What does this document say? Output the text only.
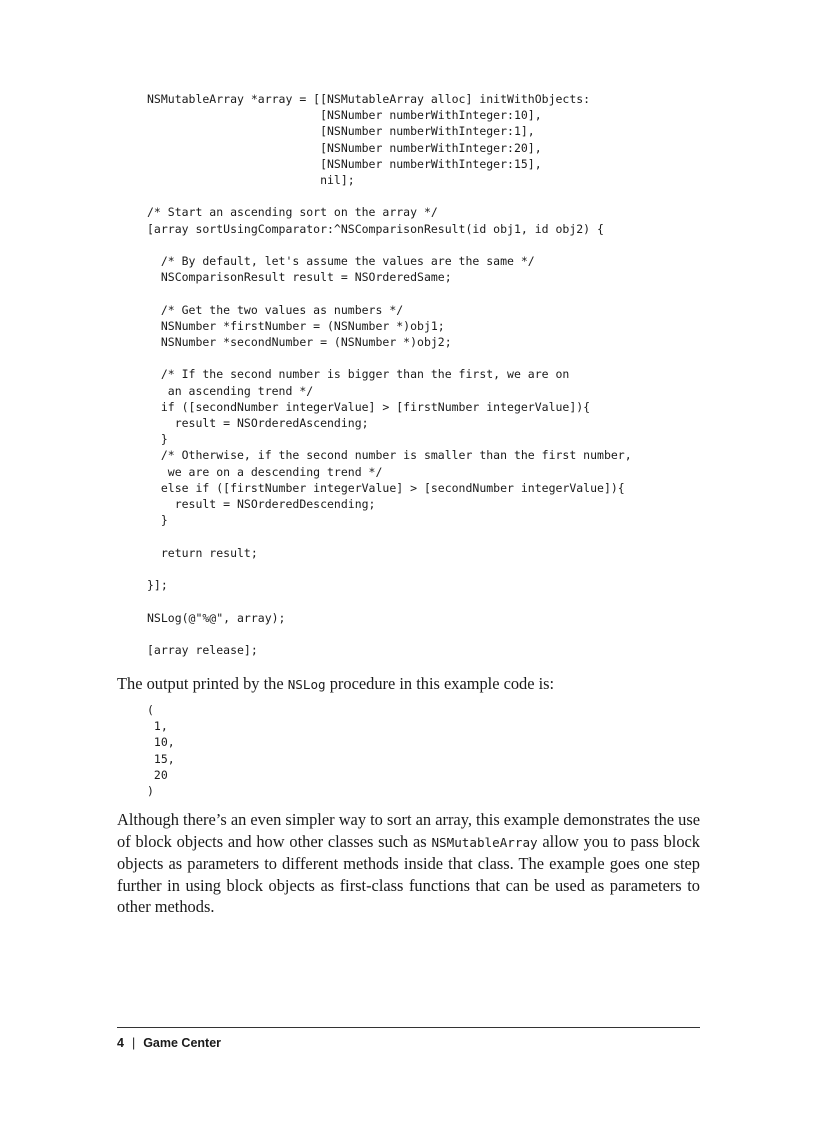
NSMutableArray *array = [[NSMutableArray alloc] initWithObjects:
[NSNumber numberWithInteger:10],
[NSNumber numberWithInteger:1],
[NSNumber numberWithInteger:20],
[NSNumber numberWithInteger:15],
nil];

/* Start an ascending sort on the array */
[array sortUsingComparator:^NSComparisonResult(id obj1, id obj2) {

/* By default, let's assume the values are the same */
NSComparisonResult result = NSOrderedSame;

/* Get the two values as numbers */
NSNumber *firstNumber = (NSNumber *)obj1;
NSNumber *secondNumber = (NSNumber *)obj2;

/* If the second number is bigger than the first, we are on
an ascending trend */
if ([secondNumber integerValue] > [firstNumber integerValue]){
result = NSOrderedAscending;
}
/* Otherwise, if the second number is smaller than the first number,
we are on a descending trend */
else if ([firstNumber integerValue] > [secondNumber integerValue]){
result = NSOrderedDescending;
}

return result;

}];

NSLog(@"%@", array);

[array release];

The output printed by the NSLog procedure in this example code is:

(
1,
10,
15,
20
)

Although there’s an even simpler way to sort an array, this example demonstrates the use of block objects and how other classes such as NSMutableArray allow you to pass block objects as parameters to different methods inside that class. The example goes one step further in using block objects as first-class functions that can be used as parameters to other methods.

4 | Game Center
